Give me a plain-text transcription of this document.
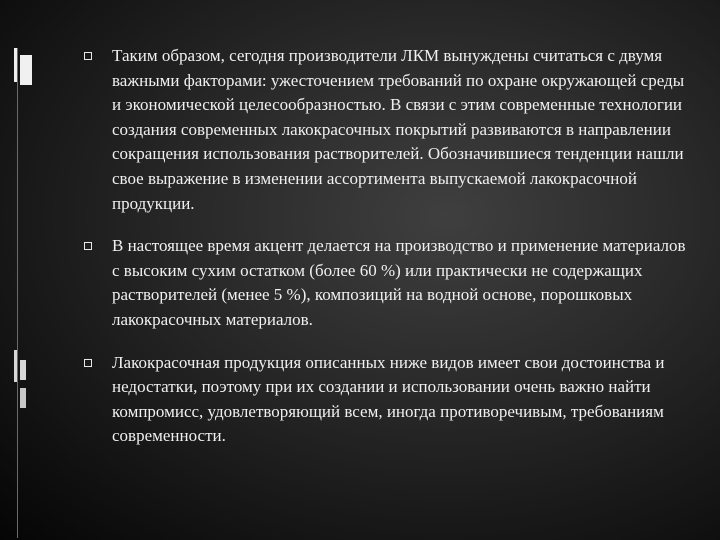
Таким образом, сегодня производители ЛКМ вынуждены считаться с двумя важными факторами: ужесточением требований по охране окружающей среды и экономической целесообразностью. В связи с этим современные технологии создания современных лакокрасочных покрытий развиваются в направлении сокращения использования растворителей. Обозначившиеся тенденции нашли свое выражение в изменении ассортимента выпускаемой лакокрасочной продукции.
В настоящее время акцент делается на производство и применение материалов с высоким сухим остатком (более 60 %) или практически не содержащих растворителей (менее 5 %), композиций на водной основе, порошковых лакокрасочных материалов.
Лакокрасочная продукция описанных ниже видов имеет свои достоинства и недостатки, поэтому при их создании и использовании очень важно найти компромисс, удовлетворяющий всем, иногда противоречивым, требованиям современности.
